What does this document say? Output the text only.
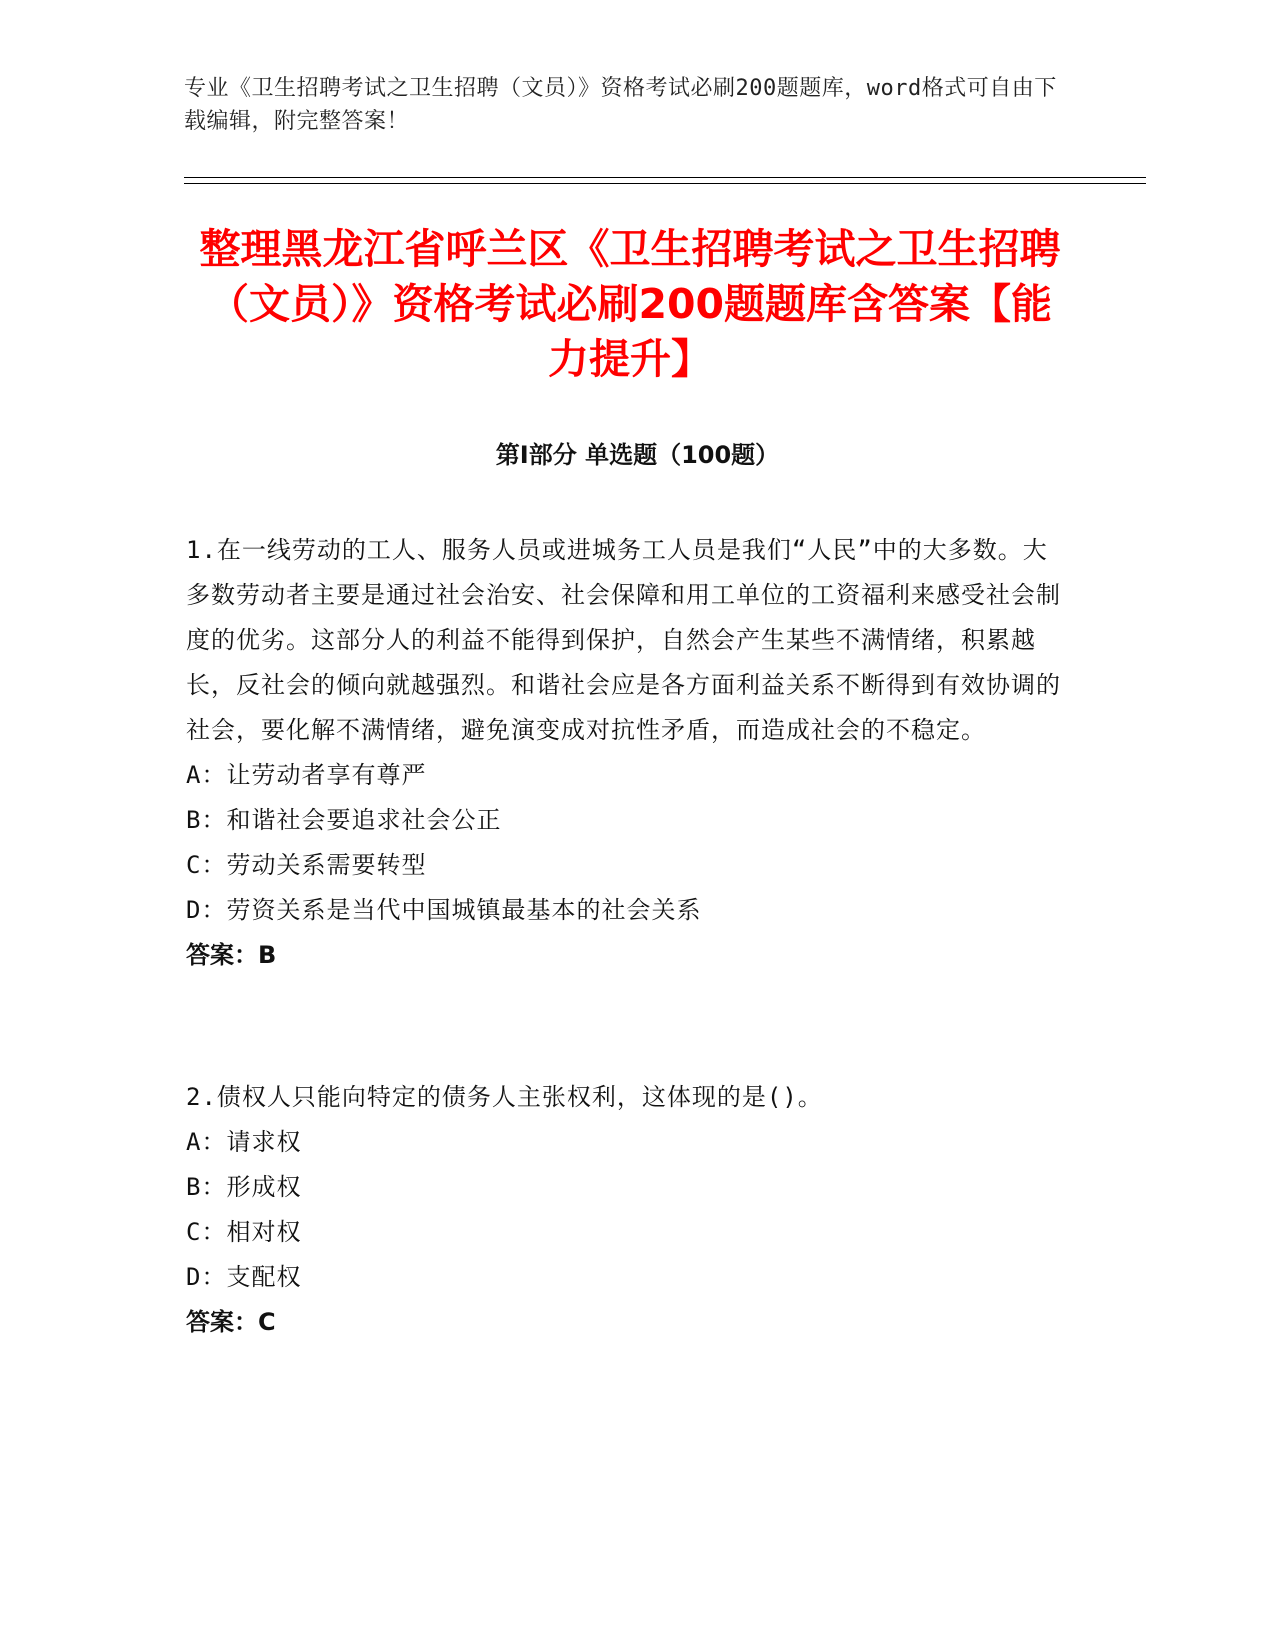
专业《卫生招聘考试之卫生招聘（文员）》资格考试必刷200题题库，word格式可自由下载编辑，附完整答案！
整理黑龙江省呼兰区《卫生招聘考试之卫生招聘（文员）》资格考试必刷200题题库含答案【能力提升】
第I部分 单选题（100题）
1.在一线劳动的工人、服务人员或进城务工人员是我们“人民”中的大多数。大多数劳动者主要是通过社会治安、社会保障和用工单位的工资福利来感受社会制度的优劣。这部分人的利益不能得到保护，自然会产生某些不满情绪，积累越长，反社会的倾向就越强烈。和谐社会应是各方面利益关系不断得到有效协调的社会，要化解不满情绪，避免演变成对抗性矛盾，而造成社会的不稳定。
A：让劳动者享有尊严
B：和谐社会要追求社会公正
C：劳动关系需要转型
D：劳资关系是当代中国城镇最基本的社会关系
答案：B
2.债权人只能向特定的债务人主张权利，这体现的是()。
A：请求权
B：形成权
C：相对权
D：支配权
答案：C
